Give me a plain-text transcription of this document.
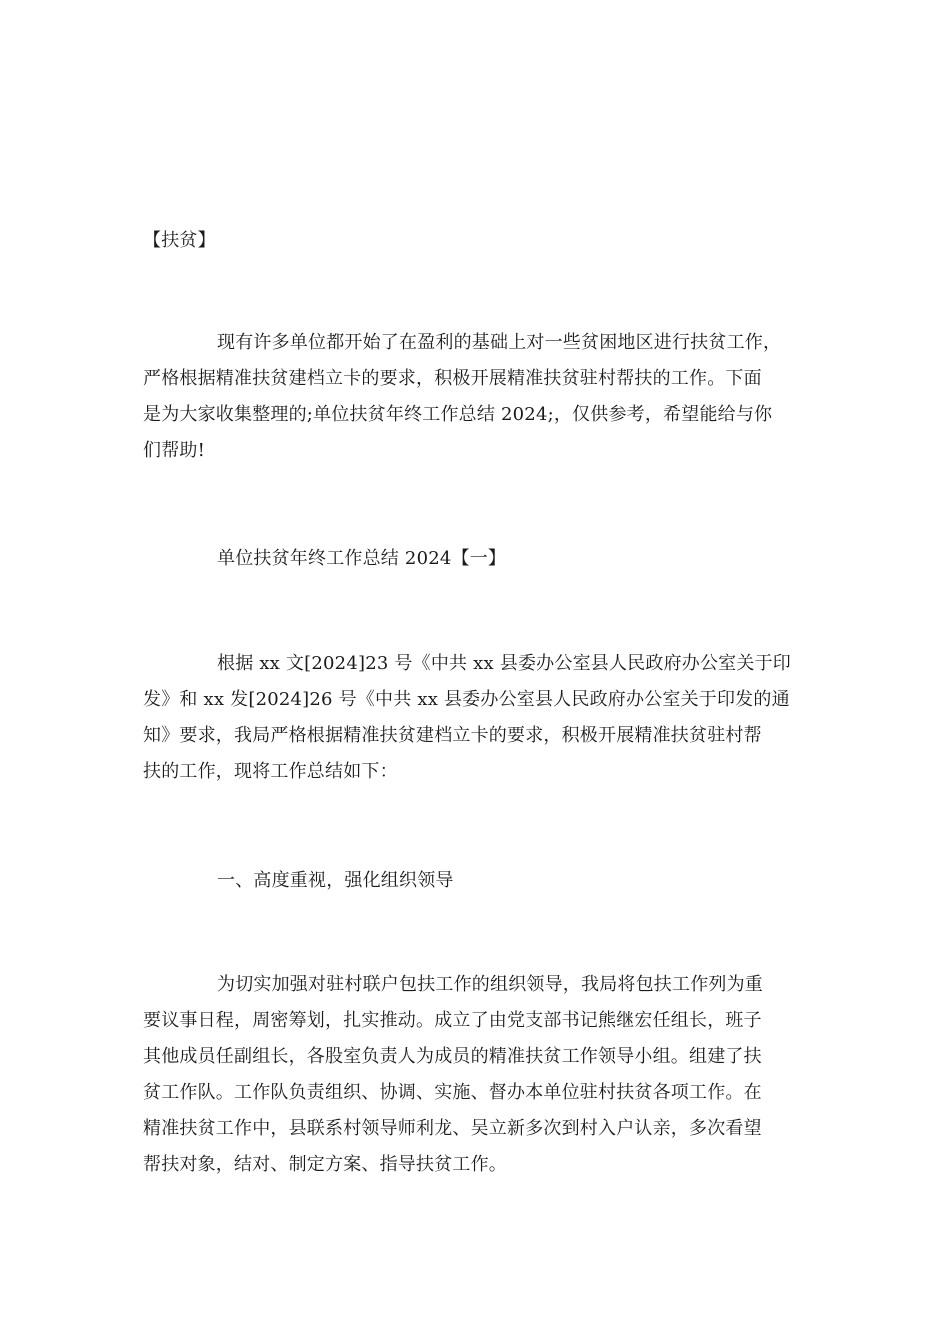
【扶贫】

现有许多单位都开始了在盈利的基础上对一些贫困地区进行扶贫工作，
严格根据精准扶贫建档立卡的要求，积极开展精准扶贫驻村帮扶的工作。下面
是为大家收集整理的;单位扶贫年终工作总结 2024;，仅供参考，希望能给与你
们帮助!

单位扶贫年终工作总结 2024【一】

根据 xx 文[2024]23 号《中共 xx 县委办公室县人民政府办公室关于印
发》和 xx 发[2024]26 号《中共 xx 县委办公室县人民政府办公室关于印发的通
知》要求，我局严格根据精准扶贫建档立卡的要求，积极开展精准扶贫驻村帮
扶的工作，现将工作总结如下：

一、高度重视，强化组织领导

为切实加强对驻村联户包扶工作的组织领导，我局将包扶工作列为重
要议事日程，周密筹划，扎实推动。成立了由党支部书记熊继宏任组长，班子
其他成员任副组长，各股室负责人为成员的精准扶贫工作领导小组。组建了扶
贫工作队。工作队负责组织、协调、实施、督办本单位驻村扶贫各项工作。在
精准扶贫工作中，县联系村领导师利龙、吴立新多次到村入户认亲，多次看望
帮扶对象，结对、制定方案、指导扶贫工作。
